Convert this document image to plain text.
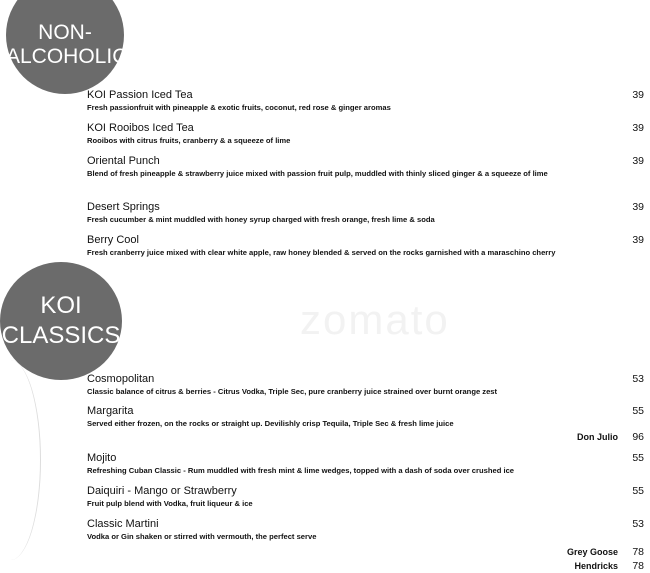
zomato
NON-
ALCOHOLIC
KOI
CLASSICS
KOI Passion Iced Tea
Fresh passionfruit with pineapple & exotic fruits, coconut, red rose & ginger aromas
39
KOI Rooibos Iced Tea
Rooibos with citrus fruits, cranberry & a squeeze of lime
39
Oriental Punch
Blend of fresh pineapple & strawberry juice mixed with passion fruit pulp, muddled with thinly sliced ginger & a squeeze of lime
39
Desert Springs
Fresh cucumber & mint muddled with honey syrup charged with fresh orange, fresh lime & soda
39
Berry Cool
Fresh cranberry juice mixed with clear white apple, raw honey blended & served on the rocks garnished with a maraschino cherry
39
Cosmopolitan
Classic balance of citrus & berries - Citrus Vodka, Triple Sec, pure cranberry juice strained over burnt orange zest
53
Margarita
Served either frozen, on the rocks or straight up. Devilishly crisp Tequila, Triple Sec & fresh lime juice
55
Don Julio 96
Mojito
Refreshing Cuban Classic - Rum muddled with fresh mint & lime wedges, topped with a dash of soda over crushed ice
55
Daiquiri - Mango or Strawberry
Fruit pulp blend with Vodka, fruit liqueur & ice
55
Classic Martini
Vodka or Gin shaken or stirred with vermouth, the perfect serve
53
Grey Goose 78
Hendricks 78
